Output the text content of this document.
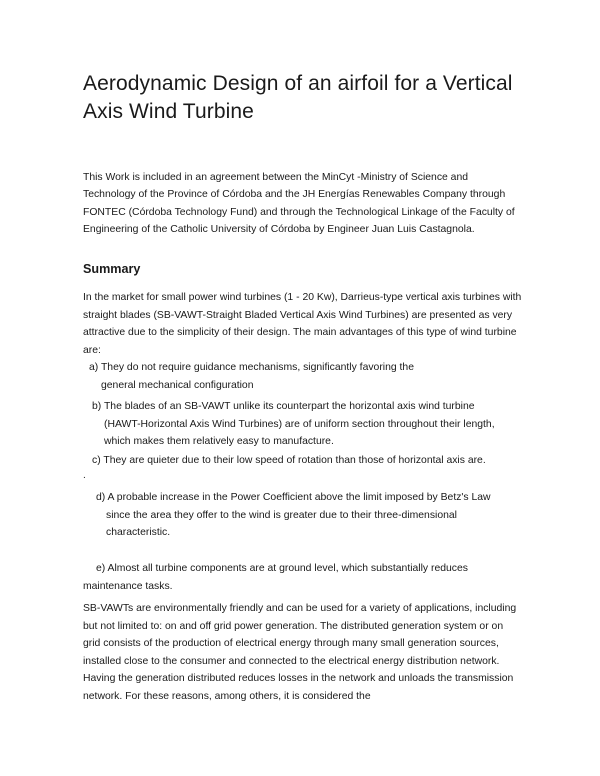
Aerodynamic Design of an airfoil for a Vertical Axis Wind Turbine

This Work is included in an agreement between the MinCyt -Ministry of Science and Technology of the Province of Córdoba and the JH Energías Renewables Company through FONTEC (Córdoba Technology Fund) and through the Technological Linkage of the Faculty of Engineering of the Catholic University of Córdoba by Engineer Juan Luis Castagnola.

Summary

In the market for small power wind turbines (1 - 20 Kw), Darrieus-type vertical axis turbines with straight blades (SB-VAWT-Straight Bladed Vertical Axis Wind Turbines) are presented as very attractive due to the simplicity of their design. The main advantages of this type of wind turbine are:

a) They do not require guidance mechanisms, significantly favoring the
general mechanical configuration
b) The blades of an SB-VAWT unlike its counterpart the horizontal axis wind turbine
(HAWT-Horizontal Axis Wind Turbines) are of uniform section throughout their length, which makes them relatively easy to manufacture.
c) They are quieter due to their low speed of rotation than those of horizontal axis are.

.

d) A probable increase in the Power Coefficient above the limit imposed by Betz's Law
since the area they offer to the wind is greater due to their three-dimensional characteristic.
e) Almost all turbine components are at ground level, which substantially reduces
maintenance tasks.

SB-VAWTs are environmentally friendly and can be used for a variety of applications, including but not limited to: on and off grid power generation. The distributed generation system or on grid consists of the production of electrical energy through many small generation sources, installed close to the consumer and connected to the electrical energy distribution network. Having the generation distributed reduces losses in the network and unloads the transmission network. For these reasons, among others, it is considered the
